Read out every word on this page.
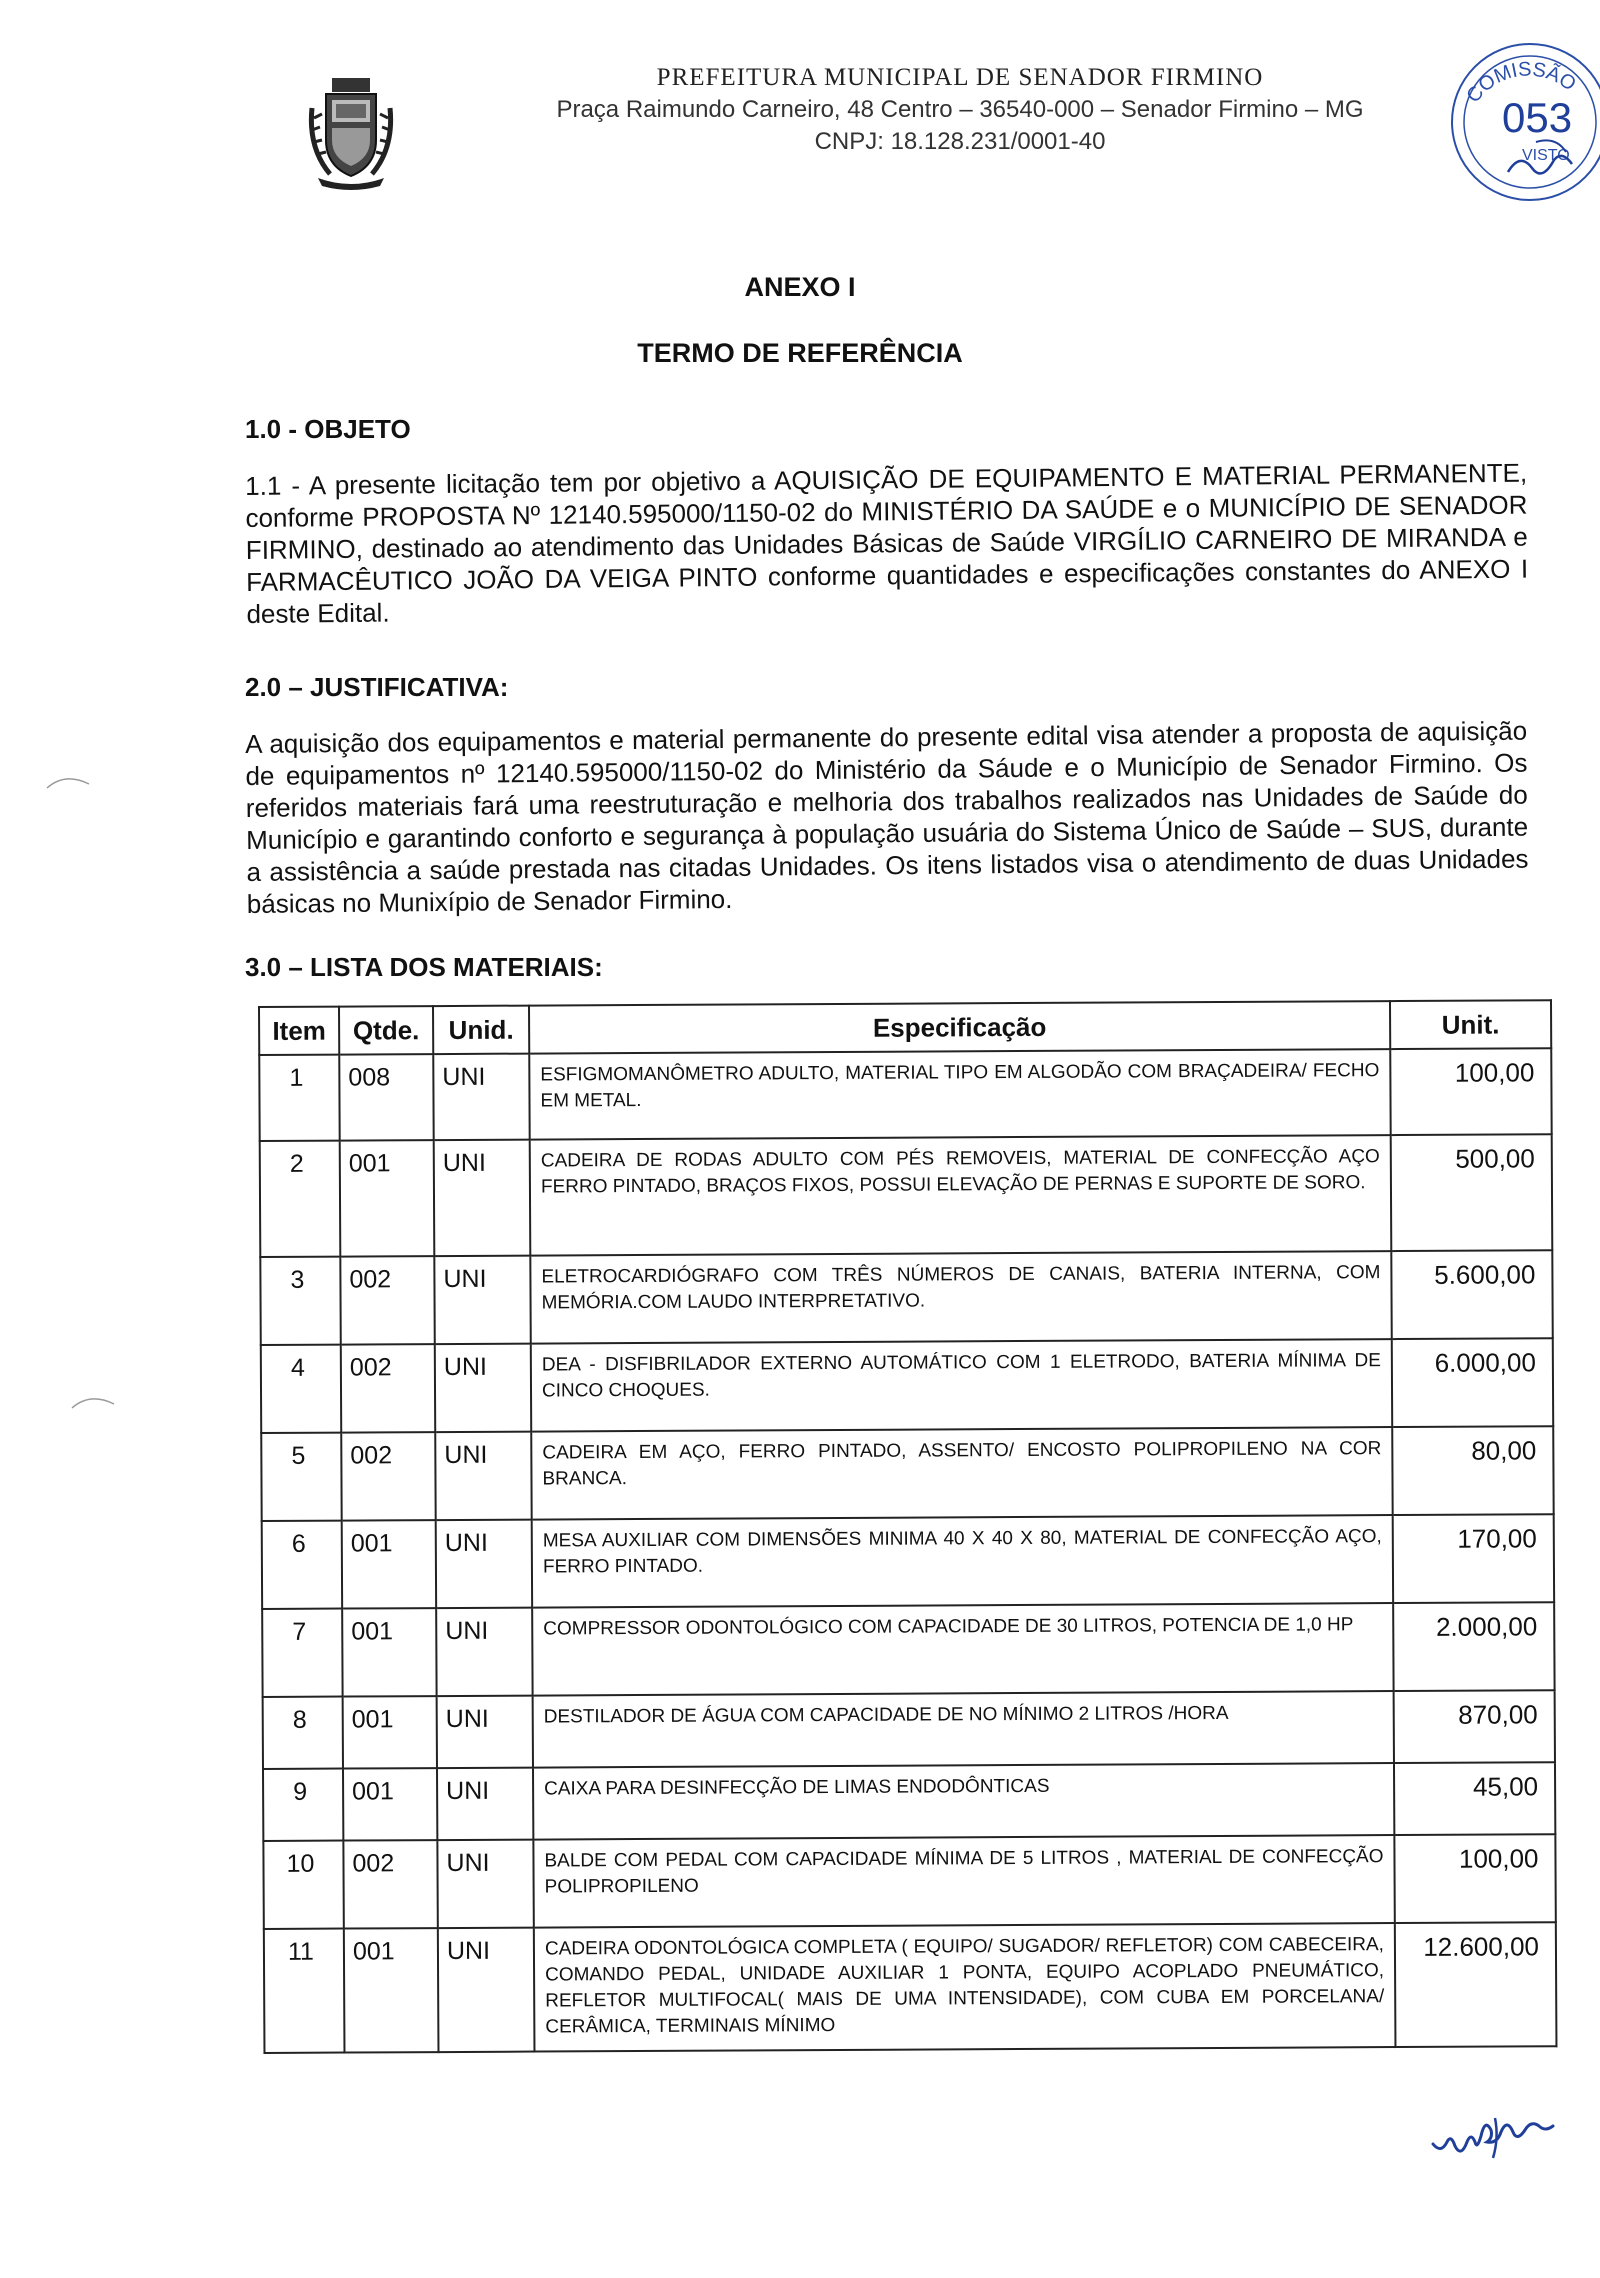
PREFEITURA MUNICIPAL DE SENADOR FIRMINO
Praça Raimundo Carneiro, 48 Centro – 36540-000 – Senador Firmino – MG
CNPJ: 18.128.231/0001-40
COMISSÃO
053
VISTO
ANEXO I
TERMO DE REFERÊNCIA
1.0 - OBJETO
1.1 - A presente licitação tem por objetivo a AQUISIÇÃO DE EQUIPAMENTO E MATERIAL PERMANENTE, conforme PROPOSTA Nº 12140.595000/1150-02 do MINISTÉRIO DA SAÚDE e o MUNICÍPIO DE SENADOR FIRMINO, destinado ao atendimento das Unidades Básicas de Saúde VIRGÍLIO CARNEIRO DE MIRANDA e FARMACÊUTICO JOÃO DA VEIGA PINTO conforme quantidades e especificações constantes do ANEXO I deste Edital.
2.0 – JUSTIFICATIVA:
A aquisição dos equipamentos e material permanente do presente edital visa atender a proposta de aquisição de equipamentos nº 12140.595000/1150-02 do Ministério da Sáude e o Município de Senador Firmino. Os referidos materiais fará uma reestruturação e melhoria dos trabalhos realizados nas Unidades de Saúde do Município e garantindo conforto e segurança à população usuária do Sistema Único de Saúde – SUS, durante a assistência a saúde prestada nas citadas Unidades. Os itens listados visa o atendimento de duas Unidades básicas no Munixípio de Senador Firmino.
3.0 – LISTA DOS MATERIAIS:
Item	Qtde.	Unid.	Especificação	Unit.
1	008	UNI	ESFIGMOMANÔMETRO ADULTO, MATERIAL TIPO EM ALGODÃO COM BRAÇADEIRA/ FECHO EM METAL.	100,00
2	001	UNI	CADEIRA DE RODAS ADULTO COM PÉS REMOVEIS, MATERIAL DE CONFECÇÃO AÇO FERRO PINTADO, BRAÇOS FIXOS, POSSUI ELEVAÇÃO DE PERNAS E SUPORTE DE SORO.	500,00
3	002	UNI	ELETROCARDIÓGRAFO COM TRÊS NÚMEROS DE CANAIS, BATERIA INTERNA, COM MEMÓRIA.COM LAUDO INTERPRETATIVO.	5.600,00
4	002	UNI	DEA - DISFIBRILADOR EXTERNO AUTOMÁTICO COM 1 ELETRODO, BATERIA MÍNIMA DE CINCO CHOQUES.	6.000,00
5	002	UNI	CADEIRA EM AÇO, FERRO PINTADO, ASSENTO/ ENCOSTO POLIPROPILENO NA COR BRANCA.	80,00
6	001	UNI	MESA AUXILIAR COM DIMENSÕES MINIMA 40 X 40 X 80, MATERIAL DE CONFECÇÃO AÇO, FERRO PINTADO.	170,00
7	001	UNI	COMPRESSOR ODONTOLÓGICO COM CAPACIDADE DE 30 LITROS, POTENCIA DE 1,0 HP	2.000,00
8	001	UNI	DESTILADOR DE ÁGUA COM CAPACIDADE DE NO MÍNIMO 2 LITROS /HORA	870,00
9	001	UNI	CAIXA PARA DESINFECÇÃO DE LIMAS ENDODÔNTICAS	45,00
10	002	UNI	BALDE COM PEDAL COM CAPACIDADE MÍNIMA DE 5 LITROS , MATERIAL DE CONFECÇÃO POLIPROPILENO	100,00
11	001	UNI	CADEIRA ODONTOLÓGICA COMPLETA ( EQUIPO/ SUGADOR/ REFLETOR) COM CABECEIRA, COMANDO PEDAL, UNIDADE AUXILIAR 1 PONTA, EQUIPO ACOPLADO PNEUMÁTICO, REFLETOR MULTIFOCAL( MAIS DE UMA INTENSIDADE), COM CUBA EM PORCELANA/ CERÂMICA, TERMINAIS MÍNIMO	12.600,00
